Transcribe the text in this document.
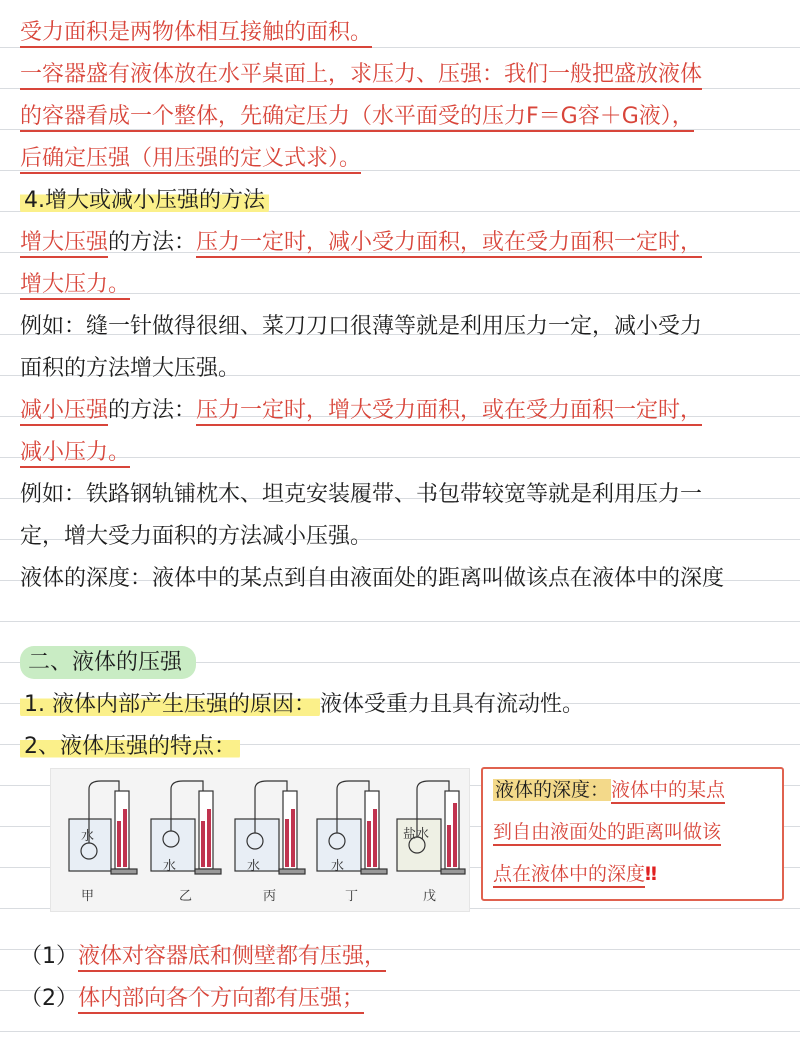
受力面积是两物体相互接触的面积。
一容器盛有液体放在水平桌面上，求压力、压强：我们一般把盛放液体
的容器看成一个整体，先确定压力（水平面受的压力F＝G容＋G液），
后确定压强（用压强的定义式求）。
4.增大或减小压强的方法
增大压强的方法：压力一定时，减小受力面积，或在受力面积一定时，
增大压力。
例如：缝一针做得很细、菜刀刀口很薄等就是利用压力一定，减小受力
面积的方法增大压强。
减小压强的方法：压力一定时，增大受力面积，或在受力面积一定时，
减小压力。
例如：铁路钢轨铺枕木、坦克安装履带、书包带较宽等就是利用压力一
定，增大受力面积的方法减小压强。
液体的深度：液体中的某点到自由液面处的距离叫做该点在液体中的深度
二、液体的压强
1. 液体内部产生压强的原因： 液体受重力且具有流动性。
2、液体压强的特点：
水
水	水	水
盐水
甲	乙	丙	丁	戊
液体的深度： 液体中的某点
到自由液面处的距离叫做该
点在液体中的深度‼
（1）液体对容器底和侧壁都有压强，
（2）体内部向各个方向都有压强；
